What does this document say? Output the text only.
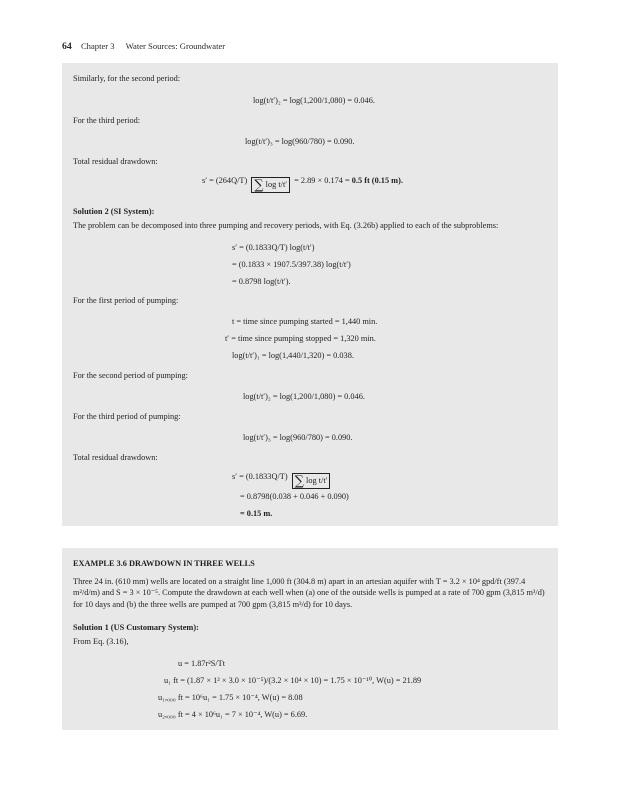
64 Chapter 3 Water Sources: Groundwater
Similarly, for the second period:
log(t/t′)₂ = log(1,200/1,080) = 0.046.
For the third period:
log(t/t′)₃ = log(960/780) = 0.090.
Total residual drawdown:
s′ = (264Q/T) ∑ log t/t′ = 2.89 × 0.174 = 0.5 ft (0.15 m).
Solution 2 (SI System):
The problem can be decomposed into three pumping and recovery periods, with Eq. (3.26b) applied to each of the subproblems:
s′ = (0.1833Q/T) log(t/t′)
= (0.1833 × 1907.5/397.38) log(t/t′)
= 0.8798 log(t/t′).
For the first period of pumping:
t = time since pumping started = 1,440 min.
t′ = time since pumping stopped = 1,320 min.
log(t/t′)₁ = log(1,440/1,320) = 0.038.
For the second period of pumping:
log(t/t′)₂ = log(1,200/1,080) = 0.046.
For the third period of pumping:
log(t/t′)₃ = log(960/780) = 0.090.
Total residual drawdown:
s′ = (0.1833Q/T) ∑ log t/t′
= 0.8798(0.038 + 0.046 + 0.090)
= 0.15 m.
EXAMPLE 3.6 DRAWDOWN IN THREE WELLS
Three 24 in. (610 mm) wells are located on a straight line 1,000 ft (304.8 m) apart in an artesian aquifer with T = 3.2 × 10⁴ gpd/ft (397.4 m²/d/m) and S = 3 × 10⁻⁵. Compute the drawdown at each well when (a) one of the outside wells is pumped at a rate of 700 gpm (3,815 m³/d) for 10 days and (b) the three wells are pumped at 700 gpm (3,815 m³/d) for 10 days.
Solution 1 (US Customary System):
From Eq. (3.16),
u = 1.87r²S/Tt
u₁ ft = (1.87 × 1² × 3.0 × 10⁻⁵)/(3.2 × 10⁴ × 10) = 1.75 × 10⁻¹⁰, W(u) = 21.89
u₁,₀₀₀ ft = 10⁶u₁ = 1.75 × 10⁻⁴, W(u) = 8.08
u₂,₀₀₀ ft = 4 × 10⁶u₁ = 7 × 10⁻⁴, W(u) = 6.69.
